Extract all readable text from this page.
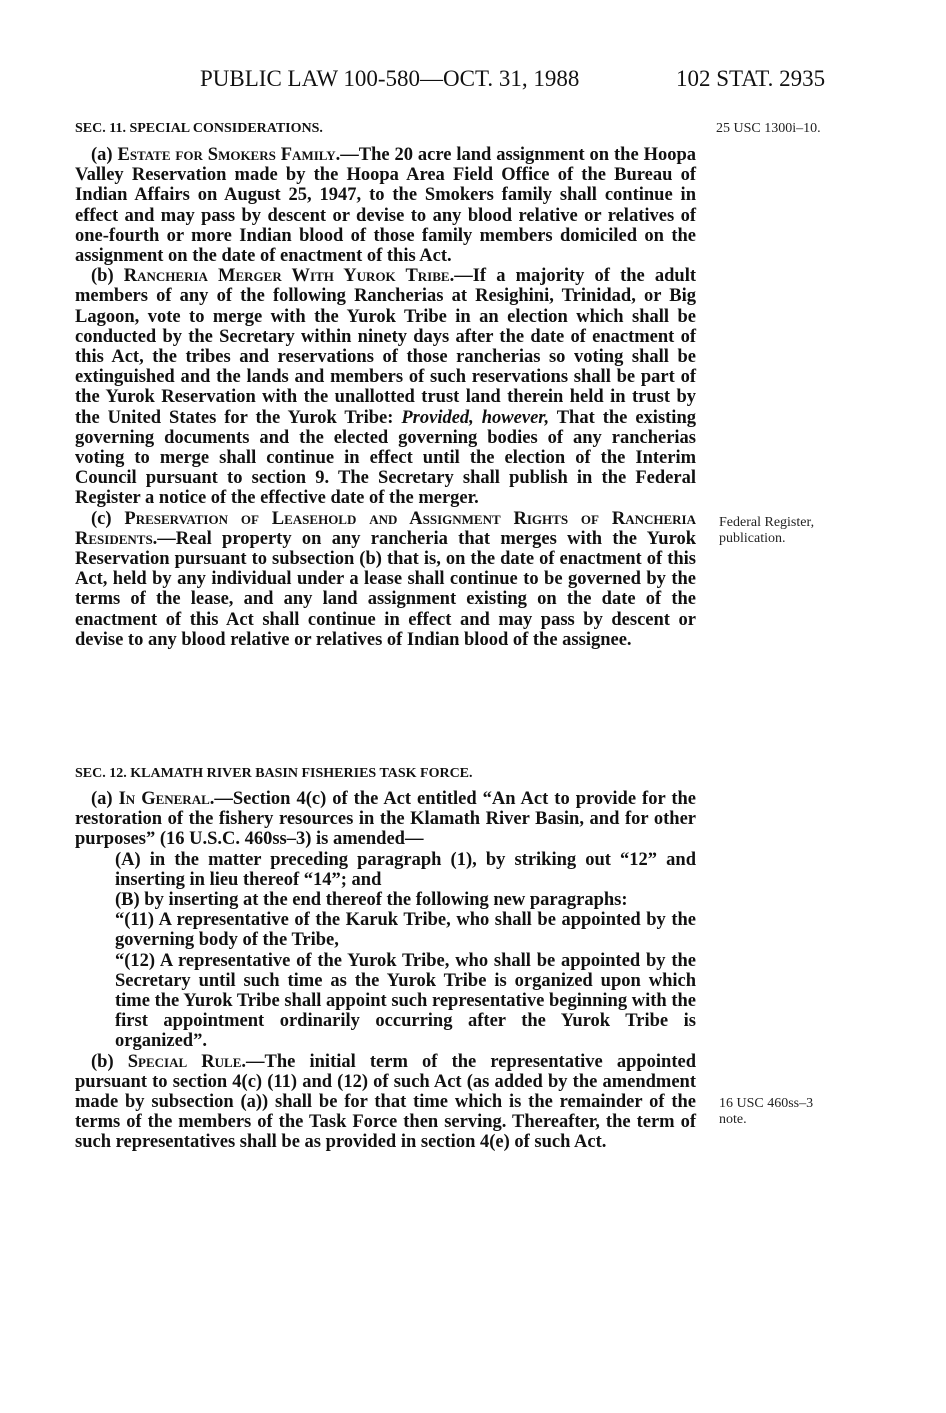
PUBLIC LAW 100-580—OCT. 31, 1988	102 STAT. 2935
SEC. 11. SPECIAL CONSIDERATIONS.	25 USC 1300i–10.

(a) Estate for Smokers Family.—The 20 acre land assignment on the Hoopa Valley Reservation made by the Hoopa Area Field Office of the Bureau of Indian Affairs on August 25, 1947, to the Smokers family shall continue in effect and may pass by descent or devise to any blood relative or relatives of one-fourth or more Indian blood of those family members domiciled on the assignment on the date of enactment of this Act.

(b) Rancheria Merger With Yurok Tribe.—If a majority of the adult members of any of the following Rancherias at Resighini, Trinidad, or Big Lagoon, vote to merge with the Yurok Tribe in an election which shall be conducted by the Secretary within ninety days after the date of enactment of this Act, the tribes and reservations of those rancherias so voting shall be extinguished and the lands and members of such reservations shall be part of the Yurok Reservation with the unallotted trust land therein held in trust by the United States for the Yurok Tribe: Provided, however, That the existing governing documents and the elected governing bodies of any rancherias voting to merge shall continue in effect until the election of the Interim Council pursuant to section 9. The Secretary shall publish in the Federal Register a notice of the effective date of the merger.

(c) Preservation of Leasehold and Assignment Rights of Rancheria Residents.—Real property on any rancheria that merges with the Yurok Reservation pursuant to subsection (b) that is, on the date of enactment of this Act, held by any individual under a lease shall continue to be governed by the terms of the lease, and any land assignment existing on the date of the enactment of this Act shall continue in effect and may pass by descent or devise to any blood relative or relatives of Indian blood of the assignee.

Federal Register, publication.
SEC. 12. KLAMATH RIVER BASIN FISHERIES TASK FORCE.

(a) In General.—Section 4(c) of the Act entitled “An Act to provide for the restoration of the fishery resources in the Klamath River Basin, and for other purposes” (16 U.S.C. 460ss–3) is amended—

(A) in the matter preceding paragraph (1), by striking out “12” and inserting in lieu thereof “14”; and

(B) by inserting at the end thereof the following new paragraphs:

“(11) A representative of the Karuk Tribe, who shall be appointed by the governing body of the Tribe,

“(12) A representative of the Yurok Tribe, who shall be appointed by the Secretary until such time as the Yurok Tribe is organized upon which time the Yurok Tribe shall appoint such representative beginning with the first appointment ordinarily occurring after the Yurok Tribe is organized”.

(b) Special Rule.—The initial term of the representative appointed pursuant to section 4(c) (11) and (12) of such Act (as added by the amendment made by subsection (a)) shall be for that time which is the remainder of the terms of the members of the Task Force then serving. Thereafter, the term of such representatives shall be as provided in section 4(e) of such Act.

16 USC 460ss–3 note.
